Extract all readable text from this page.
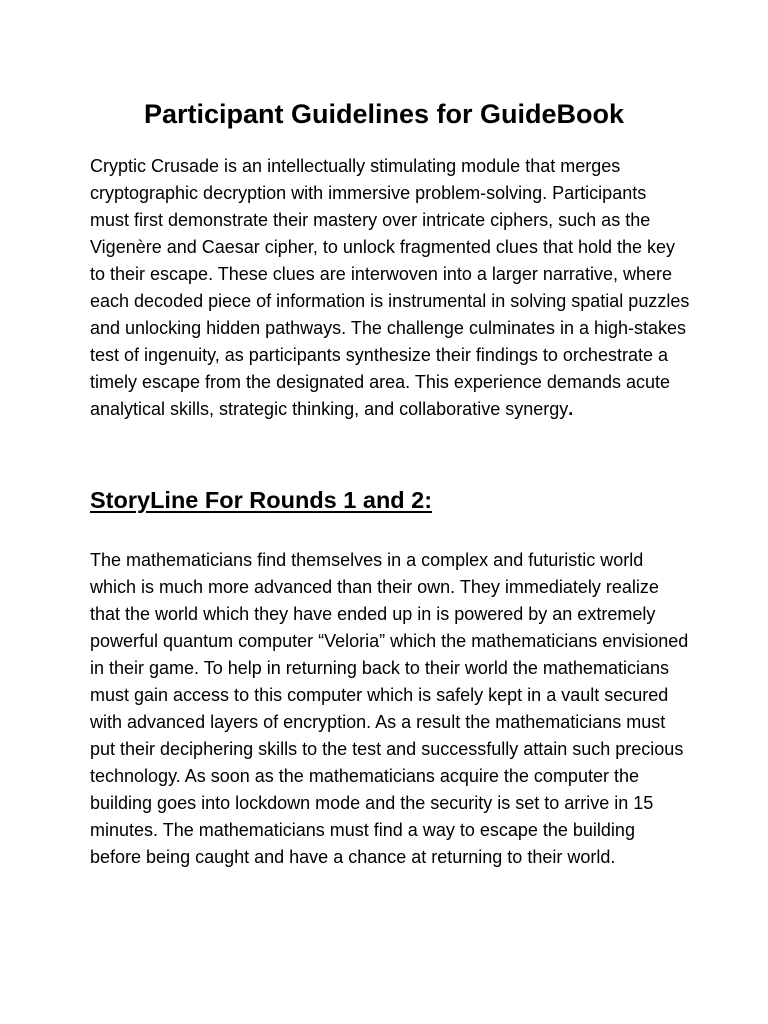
Participant Guidelines for GuideBook

Cryptic Crusade is an intellectually stimulating module that merges cryptographic decryption with immersive problem-solving. Participants must first demonstrate their mastery over intricate ciphers, such as the Vigenère and Caesar cipher, to unlock fragmented clues that hold the key to their escape. These clues are interwoven into a larger narrative, where each decoded piece of information is instrumental in solving spatial puzzles and unlocking hidden pathways. The challenge culminates in a high-stakes test of ingenuity, as participants synthesize their findings to orchestrate a timely escape from the designated area. This experience demands acute analytical skills, strategic thinking, and collaborative synergy.

StoryLine For Rounds 1 and 2:

The mathematicians find themselves in a complex and futuristic world which is much more advanced than their own. They immediately realize that the world which they have ended up in is powered by an extremely powerful quantum computer “Veloria” which the mathematicians envisioned in their game. To help in returning back to their world the mathematicians must gain access to this computer which is safely kept in a vault secured with advanced layers of encryption. As a result the mathematicians must put their deciphering skills to the test and successfully attain such precious technology. As soon as the mathematicians acquire the computer the building goes into lockdown mode and the security is set to arrive in 15 minutes. The mathematicians must find a way to escape the building before being caught and have a chance at returning to their world.
